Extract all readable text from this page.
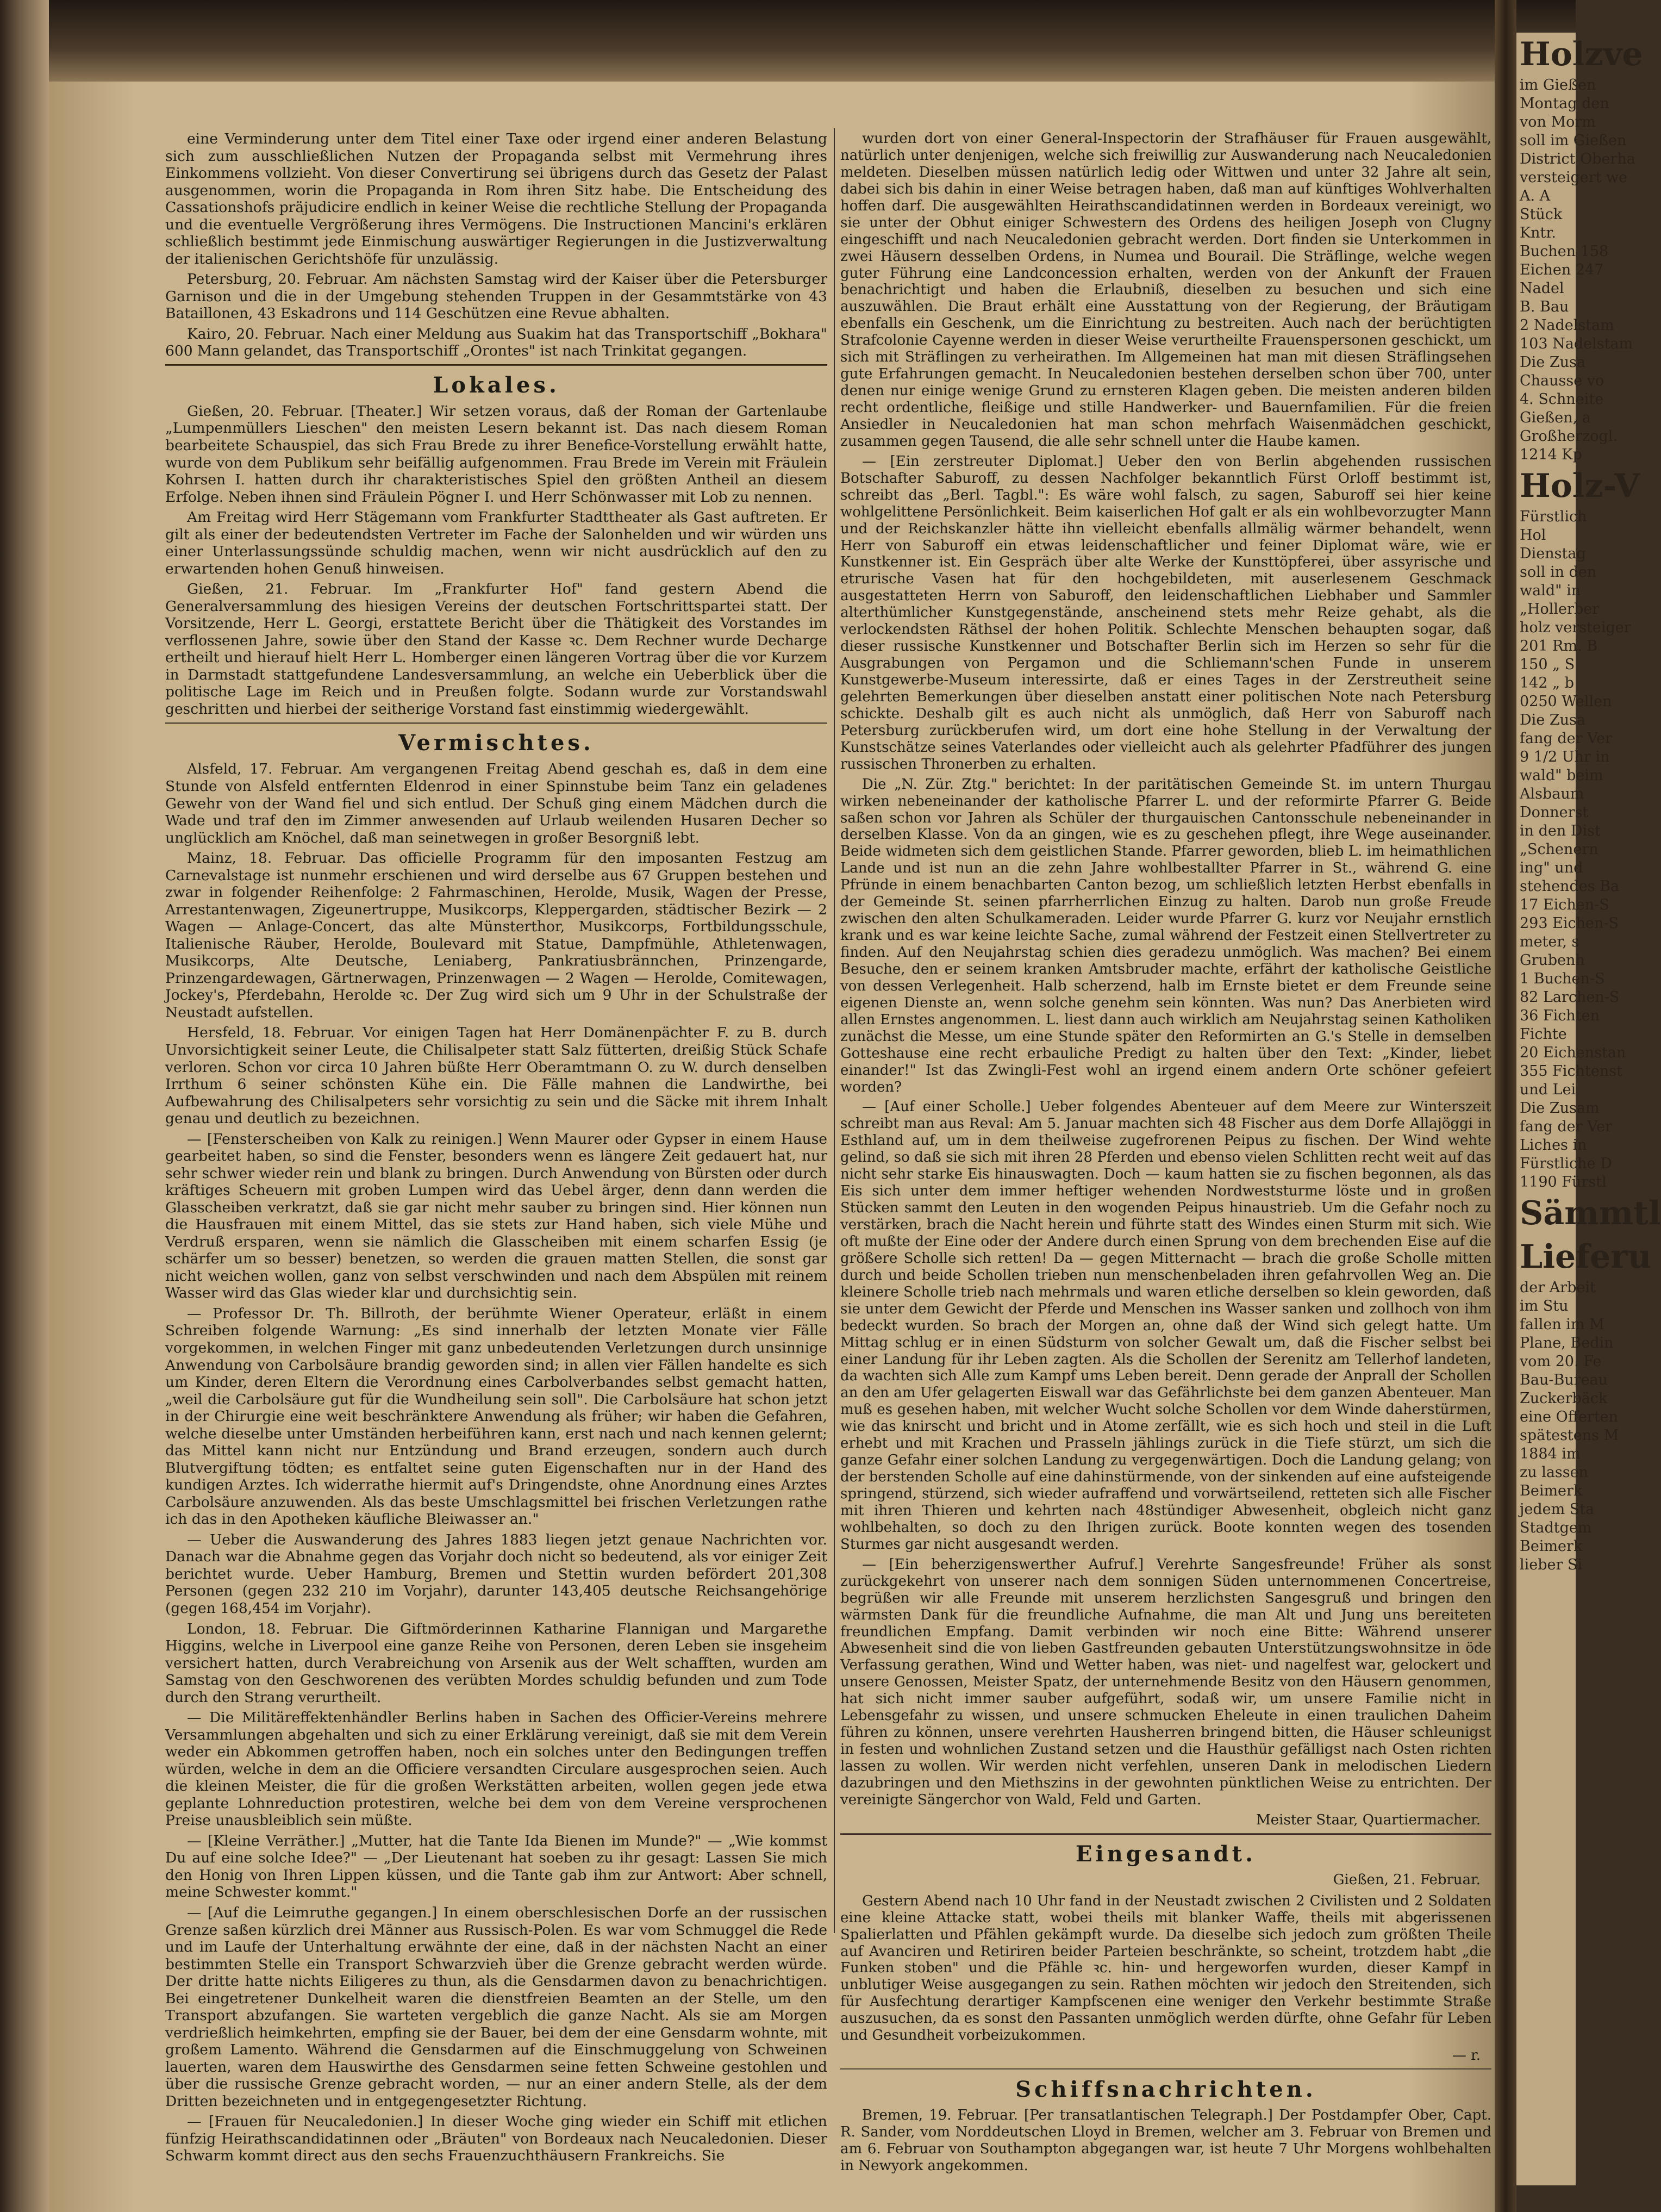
Holzve
im Gießen
Montag den
von Morm
soll im Gießen
District Oberha
versteigert we
A. A
Stück
Kntr.
Buchen 158
Eichen 247
Nadel
B. Bau
2 Nadelstam
103 Nadelstam
Die Zusa
Chausse vo
4. Schneite
Gießen, a
Großherzogl.
1214 Kp
Holz-V
Fürstlich
Hol
Dienstag
soll in den
wald" in
„Hollerber
holz versteiger
201 Rm. B
150 „ S
142 „ b
0250 Wellen
Die Zusa
fang der Ver
9 1/2 Uhr in
wald" beim
Alsbaum
Donnerst
in den Dist
„Schenern
ing" und
stehendes Ba
17 Eichen-S
293 Eichen-S
meter, s
Grubenh
1 Buchen-S
82 Larchen-S
36 Fichten
Fichte
20 Eichenstan
355 Fichtenst
und Lei
Die Zusam
fang der Ver
Liches in
Fürstliche D
1190 Fürstl
Sämmtl
Lieferu
der Arbeit
im Stu
fallen im M
Plane, Bedin
vom 20. Fe
Bau-Bureau
Zuckerbäck
eine Offerten
spätestens M
1884 im
zu lassen
Beimerk
jedem Sta
Stadtgem
Beimerk
lieber Si

eine Verminderung unter dem Titel einer Taxe oder irgend einer anderen Belastung sich zum ausschließlichen Nutzen der Propaganda selbst mit Vermehrung ihres Einkommens vollzieht. Von dieser Convertirung sei übrigens durch das Gesetz der Palast ausgenommen, worin die Propaganda in Rom ihren Sitz habe. Die Entscheidung des Cassationshofs präjudicire endlich in keiner Weise die rechtliche Stellung der Propaganda und die eventuelle Vergrößerung ihres Vermögens. Die Instructionen Mancini's erklären schließlich bestimmt jede Einmischung auswärtiger Regierungen in die Justizverwaltung der italienischen Gerichtshöfe für unzulässig.

Petersburg, 20. Februar. Am nächsten Samstag wird der Kaiser über die Petersburger Garnison und die in der Umgebung stehenden Truppen in der Gesammtstärke von 43 Bataillonen, 43 Eskadrons und 114 Geschützen eine Revue abhalten.

Kairo, 20. Februar. Nach einer Meldung aus Suakim hat das Transportschiff „Bokhara" 600 Mann gelandet, das Transportschiff „Orontes" ist nach Trinkitat gegangen.

Lokales.

Gießen, 20. Februar. [Theater.] Wir setzen voraus, daß der Roman der Gartenlaube „Lumpenmüllers Lieschen" den meisten Lesern bekannt ist. Das nach diesem Roman bearbeitete Schauspiel, das sich Frau Brede zu ihrer Benefice-Vorstellung erwählt hatte, wurde von dem Publikum sehr beifällig aufgenommen. Frau Brede im Verein mit Fräulein Kohrsen I. hatten durch ihr charakteristisches Spiel den größten Antheil an diesem Erfolge. Neben ihnen sind Fräulein Pögner I. und Herr Schönwasser mit Lob zu nennen.

Am Freitag wird Herr Stägemann vom Frankfurter Stadttheater als Gast auftreten. Er gilt als einer der bedeutendsten Vertreter im Fache der Salonhelden und wir würden uns einer Unterlassungssünde schuldig machen, wenn wir nicht ausdrücklich auf den zu erwartenden hohen Genuß hinweisen.

Gießen, 21. Februar. Im „Frankfurter Hof" fand gestern Abend die Generalversammlung des hiesigen Vereins der deutschen Fortschrittspartei statt. Der Vorsitzende, Herr L. Georgi, erstattete Bericht über die Thätigkeit des Vorstandes im verflossenen Jahre, sowie über den Stand der Kasse ꝛc. Dem Rechner wurde Decharge ertheilt und hierauf hielt Herr L. Homberger einen längeren Vortrag über die vor Kurzem in Darmstadt stattgefundene Landesversammlung, an welche ein Ueberblick über die politische Lage im Reich und in Preußen folgte. Sodann wurde zur Vorstandswahl geschritten und hierbei der seitherige Vorstand fast einstimmig wiedergewählt.

Vermischtes.

Alsfeld, 17. Februar. Am vergangenen Freitag Abend geschah es, daß in dem eine Stunde von Alsfeld entfernten Eldenrod in einer Spinnstube beim Tanz ein geladenes Gewehr von der Wand fiel und sich entlud. Der Schuß ging einem Mädchen durch die Wade und traf den im Zimmer anwesenden auf Urlaub weilenden Husaren Decher so unglücklich am Knöchel, daß man seinetwegen in großer Besorgniß lebt.

Mainz, 18. Februar. Das officielle Programm für den imposanten Festzug am Carnevalstage ist nunmehr erschienen und wird derselbe aus 67 Gruppen bestehen und zwar in folgender Reihenfolge: 2 Fahrmaschinen, Herolde, Musik, Wagen der Presse, Arrestantenwagen, Zigeunertruppe, Musikcorps, Kleppergarden, städtischer Bezirk — 2 Wagen — Anlage-Concert, das alte Münsterthor, Musikcorps, Fortbildungsschule, Italienische Räuber, Herolde, Boulevard mit Statue, Dampfmühle, Athletenwagen, Musikcorps, Alte Deutsche, Leniaberg, Pankratiusbrännchen, Prinzengarde, Prinzengardewagen, Gärtnerwagen, Prinzenwagen — 2 Wagen — Herolde, Comitewagen, Jockey's, Pferdebahn, Herolde ꝛc. Der Zug wird sich um 9 Uhr in der Schulstraße der Neustadt aufstellen.

Hersfeld, 18. Februar. Vor einigen Tagen hat Herr Domänenpächter F. zu B. durch Unvorsichtigkeit seiner Leute, die Chilisalpeter statt Salz fütterten, dreißig Stück Schafe verloren. Schon vor circa 10 Jahren büßte Herr Oberamtmann O. zu W. durch denselben Irrthum 6 seiner schönsten Kühe ein. Die Fälle mahnen die Landwirthe, bei Aufbewahrung des Chilisalpeters sehr vorsichtig zu sein und die Säcke mit ihrem Inhalt genau und deutlich zu bezeichnen.

— [Fensterscheiben von Kalk zu reinigen.] Wenn Maurer oder Gypser in einem Hause gearbeitet haben, so sind die Fenster, besonders wenn es längere Zeit gedauert hat, nur sehr schwer wieder rein und blank zu bringen. Durch Anwendung von Bürsten oder durch kräftiges Scheuern mit groben Lumpen wird das Uebel ärger, denn dann werden die Glasscheiben verkratzt, daß sie gar nicht mehr sauber zu bringen sind. Hier können nun die Hausfrauen mit einem Mittel, das sie stets zur Hand haben, sich viele Mühe und Verdruß ersparen, wenn sie nämlich die Glasscheiben mit einem scharfen Essig (je schärfer um so besser) benetzen, so werden die grauen matten Stellen, die sonst gar nicht weichen wollen, ganz von selbst verschwinden und nach dem Abspülen mit reinem Wasser wird das Glas wieder klar und durchsichtig sein.

— Professor Dr. Th. Billroth, der berühmte Wiener Operateur, erläßt in einem Schreiben folgende Warnung: „Es sind innerhalb der letzten Monate vier Fälle vorgekommen, in welchen Finger mit ganz unbedeutenden Verletzungen durch unsinnige Anwendung von Carbolsäure brandig geworden sind; in allen vier Fällen handelte es sich um Kinder, deren Eltern die Verordnung eines Carbolverbandes selbst gemacht hatten, „weil die Carbolsäure gut für die Wundheilung sein soll". Die Carbolsäure hat schon jetzt in der Chirurgie eine weit beschränktere Anwendung als früher; wir haben die Gefahren, welche dieselbe unter Umständen herbeiführen kann, erst nach und nach kennen gelernt; das Mittel kann nicht nur Entzündung und Brand erzeugen, sondern auch durch Blutvergiftung tödten; es entfaltet seine guten Eigenschaften nur in der Hand des kundigen Arztes. Ich widerrathe hiermit auf's Dringendste, ohne Anordnung eines Arztes Carbolsäure anzuwenden. Als das beste Umschlagsmittel bei frischen Verletzungen rathe ich das in den Apotheken käufliche Bleiwasser an."

— Ueber die Auswanderung des Jahres 1883 liegen jetzt genaue Nachrichten vor. Danach war die Abnahme gegen das Vorjahr doch nicht so bedeutend, als vor einiger Zeit berichtet wurde. Ueber Hamburg, Bremen und Stettin wurden befördert 201,308 Personen (gegen 232 210 im Vorjahr), darunter 143,405 deutsche Reichsangehörige (gegen 168,454 im Vorjahr).

London, 18. Februar. Die Giftmörderinnen Katharine Flannigan und Margarethe Higgins, welche in Liverpool eine ganze Reihe von Personen, deren Leben sie insgeheim versichert hatten, durch Verabreichung von Arsenik aus der Welt schafften, wurden am Samstag von den Geschworenen des verübten Mordes schuldig befunden und zum Tode durch den Strang verurtheilt.

— Die Militäreffektenhändler Berlins haben in Sachen des Officier-Vereins mehrere Versammlungen abgehalten und sich zu einer Erklärung vereinigt, daß sie mit dem Verein weder ein Abkommen getroffen haben, noch ein solches unter den Bedingungen treffen würden, welche in dem an die Officiere versandten Circulare ausgesprochen seien. Auch die kleinen Meister, die für die großen Werkstätten arbeiten, wollen gegen jede etwa geplante Lohnreduction protestiren, welche bei dem von dem Vereine versprochenen Preise unausbleiblich sein müßte.

— [Kleine Verräther.] „Mutter, hat die Tante Ida Bienen im Munde?" — „Wie kommst Du auf eine solche Idee?" — „Der Lieutenant hat soeben zu ihr gesagt: Lassen Sie mich den Honig von Ihren Lippen küssen, und die Tante gab ihm zur Antwort: Aber schnell, meine Schwester kommt."

— [Auf die Leimruthe gegangen.] In einem oberschlesischen Dorfe an der russischen Grenze saßen kürzlich drei Männer aus Russisch-Polen. Es war vom Schmuggel die Rede und im Laufe der Unterhaltung erwähnte der eine, daß in der nächsten Nacht an einer bestimmten Stelle ein Transport Schwarzvieh über die Grenze gebracht werden würde. Der dritte hatte nichts Eiligeres zu thun, als die Gensdarmen davon zu benachrichtigen. Bei eingetretener Dunkelheit waren die dienstfreien Beamten an der Stelle, um den Transport abzufangen. Sie warteten vergeblich die ganze Nacht. Als sie am Morgen verdrießlich heimkehrten, empfing sie der Bauer, bei dem der eine Gensdarm wohnte, mit großem Lamento. Während die Gensdarmen auf die Einschmuggelung von Schweinen lauerten, waren dem Hauswirthe des Gensdarmen seine fetten Schweine gestohlen und über die russische Grenze gebracht worden, — nur an einer andern Stelle, als der dem Dritten bezeichneten und in entgegengesetzter Richtung.

— [Frauen für Neucaledonien.] In dieser Woche ging wieder ein Schiff mit etlichen fünfzig Heirathscandidatinnen oder „Bräuten" von Bordeaux nach Neucaledonien. Dieser Schwarm kommt direct aus den sechs Frauenzuchthäusern Frankreichs. Sie

wurden dort von einer General-Inspectorin der Strafhäuser für Frauen ausgewählt, natürlich unter denjenigen, welche sich freiwillig zur Auswanderung nach Neucaledonien meldeten. Dieselben müssen natürlich ledig oder Wittwen und unter 32 Jahre alt sein, dabei sich bis dahin in einer Weise betragen haben, daß man auf künftiges Wohlverhalten hoffen darf. Die ausgewählten Heirathscandidatinnen werden in Bordeaux vereinigt, wo sie unter der Obhut einiger Schwestern des Ordens des heiligen Joseph von Clugny eingeschifft und nach Neucaledonien gebracht werden. Dort finden sie Unterkommen in zwei Häusern desselben Ordens, in Numea und Bourail. Die Sträflinge, welche wegen guter Führung eine Landconcession erhalten, werden von der Ankunft der Frauen benachrichtigt und haben die Erlaubniß, dieselben zu besuchen und sich eine auszuwählen. Die Braut erhält eine Ausstattung von der Regierung, der Bräutigam ebenfalls ein Geschenk, um die Einrichtung zu bestreiten. Auch nach der berüchtigten Strafcolonie Cayenne werden in dieser Weise verurtheilte Frauenspersonen geschickt, um sich mit Sträflingen zu verheirathen. Im Allgemeinen hat man mit diesen Sträflingsehen gute Erfahrungen gemacht. In Neucaledonien bestehen derselben schon über 700, unter denen nur einige wenige Grund zu ernsteren Klagen geben. Die meisten anderen bilden recht ordentliche, fleißige und stille Handwerker- und Bauernfamilien. Für die freien Ansiedler in Neucaledonien hat man schon mehrfach Waisenmädchen geschickt, zusammen gegen Tausend, die alle sehr schnell unter die Haube kamen.

— [Ein zerstreuter Diplomat.] Ueber den von Berlin abgehenden russischen Botschafter Saburoff, zu dessen Nachfolger bekanntlich Fürst Orloff bestimmt ist, schreibt das „Berl. Tagbl.": Es wäre wohl falsch, zu sagen, Saburoff sei hier keine wohlgelittene Persönlichkeit. Beim kaiserlichen Hof galt er als ein wohlbevorzugter Mann und der Reichskanzler hätte ihn vielleicht ebenfalls allmälig wärmer behandelt, wenn Herr von Saburoff ein etwas leidenschaftlicher und feiner Diplomat wäre, wie er Kunstkenner ist. Ein Gespräch über alte Werke der Kunsttöpferei, über assyrische und etrurische Vasen hat für den hochgebildeten, mit auserlesenem Geschmack ausgestatteten Herrn von Saburoff, den leidenschaftlichen Liebhaber und Sammler alterthümlicher Kunstgegenstände, anscheinend stets mehr Reize gehabt, als die verlockendsten Räthsel der hohen Politik. Schlechte Menschen behaupten sogar, daß dieser russische Kunstkenner und Botschafter Berlin sich im Herzen so sehr für die Ausgrabungen von Pergamon und die Schliemann'schen Funde in unserem Kunstgewerbe-Museum interessirte, daß er eines Tages in der Zerstreutheit seine gelehrten Bemerkungen über dieselben anstatt einer politischen Note nach Petersburg schickte. Deshalb gilt es auch nicht als unmöglich, daß Herr von Saburoff nach Petersburg zurückberufen wird, um dort eine hohe Stellung in der Verwaltung der Kunstschätze seines Vaterlandes oder vielleicht auch als gelehrter Pfadführer des jungen russischen Thronerben zu erhalten.

Die „N. Zür. Ztg." berichtet: In der paritätischen Gemeinde St. im untern Thurgau wirken nebeneinander der katholische Pfarrer L. und der reformirte Pfarrer G. Beide saßen schon vor Jahren als Schüler der thurgauischen Cantonsschule nebeneinander in derselben Klasse. Von da an gingen, wie es zu geschehen pflegt, ihre Wege auseinander. Beide widmeten sich dem geistlichen Stande. Pfarrer geworden, blieb L. im heimathlichen Lande und ist nun an die zehn Jahre wohlbestallter Pfarrer in St., während G. eine Pfründe in einem benachbarten Canton bezog, um schließlich letzten Herbst ebenfalls in der Gemeinde St. seinen pfarrherrlichen Einzug zu halten. Darob nun große Freude zwischen den alten Schulkameraden. Leider wurde Pfarrer G. kurz vor Neujahr ernstlich krank und es war keine leichte Sache, zumal während der Festzeit einen Stellvertreter zu finden. Auf den Neujahrstag schien dies geradezu unmöglich. Was machen? Bei einem Besuche, den er seinem kranken Amtsbruder machte, erfährt der katholische Geistliche von dessen Verlegenheit. Halb scherzend, halb im Ernste bietet er dem Freunde seine eigenen Dienste an, wenn solche genehm sein könnten. Was nun? Das Anerbieten wird allen Ernstes angenommen. L. liest dann auch wirklich am Neujahrstag seinen Katholiken zunächst die Messe, um eine Stunde später den Reformirten an G.'s Stelle in demselben Gotteshause eine recht erbauliche Predigt zu halten über den Text: „Kinder, liebet einander!" Ist das Zwingli-Fest wohl an irgend einem andern Orte schöner gefeiert worden?

— [Auf einer Scholle.] Ueber folgendes Abenteuer auf dem Meere zur Winterszeit schreibt man aus Reval: Am 5. Januar machten sich 48 Fischer aus dem Dorfe Allajöggi in Esthland auf, um in dem theilweise zugefrorenen Peipus zu fischen. Der Wind wehte gelind, so daß sie sich mit ihren 28 Pferden und ebenso vielen Schlitten recht weit auf das nicht sehr starke Eis hinauswagten. Doch — kaum hatten sie zu fischen begonnen, als das Eis sich unter dem immer heftiger wehenden Nordweststurme löste und in großen Stücken sammt den Leuten in den wogenden Peipus hinaustrieb. Um die Gefahr noch zu verstärken, brach die Nacht herein und führte statt des Windes einen Sturm mit sich. Wie oft mußte der Eine oder der Andere durch einen Sprung von dem brechenden Eise auf die größere Scholle sich retten! Da — gegen Mitternacht — brach die große Scholle mitten durch und beide Schollen trieben nun menschenbeladen ihren gefahrvollen Weg an. Die kleinere Scholle trieb nach mehrmals und waren etliche derselben so klein geworden, daß sie unter dem Gewicht der Pferde und Menschen ins Wasser sanken und zollhoch von ihm bedeckt wurden. So brach der Morgen an, ohne daß der Wind sich gelegt hatte. Um Mittag schlug er in einen Südsturm von solcher Gewalt um, daß die Fischer selbst bei einer Landung für ihr Leben zagten. Als die Schollen der Serenitz am Tellerhof landeten, da wachten sich Alle zum Kampf ums Leben bereit. Denn gerade der Anprall der Schollen an den am Ufer gelagerten Eiswall war das Gefährlichste bei dem ganzen Abenteuer. Man muß es gesehen haben, mit welcher Wucht solche Schollen vor dem Winde daherstürmen, wie das knirscht und bricht und in Atome zerfällt, wie es sich hoch und steil in die Luft erhebt und mit Krachen und Prasseln jählings zurück in die Tiefe stürzt, um sich die ganze Gefahr einer solchen Landung zu vergegenwärtigen. Doch die Landung gelang; von der berstenden Scholle auf eine dahinstürmende, von der sinkenden auf eine aufsteigende springend, stürzend, sich wieder aufraffend und vorwärtseilend, retteten sich alle Fischer mit ihren Thieren und kehrten nach 48stündiger Abwesenheit, obgleich nicht ganz wohlbehalten, so doch zu den Ihrigen zurück. Boote konnten wegen des tosenden Sturmes gar nicht ausgesandt werden.

— [Ein beherzigenswerther Aufruf.] Verehrte Sangesfreunde! Früher als sonst zurückgekehrt von unserer nach dem sonnigen Süden unternommenen Concertreise, begrüßen wir alle Freunde mit unserem herzlichsten Sangesgruß und bringen den wärmsten Dank für die freundliche Aufnahme, die man Alt und Jung uns bereiteten freundlichen Empfang. Damit verbinden wir noch eine Bitte: Während unserer Abwesenheit sind die von lieben Gastfreunden gebauten Unterstützungswohnsitze in öde Verfassung gerathen, Wind und Wetter haben, was niet- und nagelfest war, gelockert und unsere Genossen, Meister Spatz, der unternehmende Besitz von den Häusern genommen, hat sich nicht immer sauber aufgeführt, sodaß wir, um unsere Familie nicht in Lebensgefahr zu wissen, und unsere schmucken Eheleute in einen traulichen Daheim führen zu können, unsere verehrten Hausherren bringend bitten, die Häuser schleunigst in festen und wohnlichen Zustand setzen und die Hausthür gefälligst nach Osten richten lassen zu wollen. Wir werden nicht verfehlen, unseren Dank in melodischen Liedern dazubringen und den Miethszins in der gewohnten pünktlichen Weise zu entrichten. Der vereinigte Sängerchor von Wald, Feld und Garten.

Meister Staar, Quartiermacher.
Eingesandt.
Gießen, 21. Februar.

Gestern Abend nach 10 Uhr fand in der Neustadt zwischen 2 Civilisten und 2 Soldaten eine kleine Attacke statt, wobei theils mit blanker Waffe, theils mit abgerissenen Spalierlatten und Pfählen gekämpft wurde. Da dieselbe sich jedoch zum größten Theile auf Avanciren und Retiriren beider Parteien beschränkte, so scheint, trotzdem habt „die Funken stoben" und die Pfähle ꝛc. hin- und hergeworfen wurden, dieser Kampf in unblutiger Weise ausgegangen zu sein. Rathen möchten wir jedoch den Streitenden, sich für Ausfechtung derartiger Kampfscenen eine weniger den Verkehr bestimmte Straße auszusuchen, da es sonst den Passanten unmöglich werden dürfte, ohne Gefahr für Leben und Gesundheit vorbeizukommen.

— r.
Schiffsnachrichten.

Bremen, 19. Februar. [Per transatlantischen Telegraph.] Der Postdampfer Ober, Capt. R. Sander, vom Norddeutschen Lloyd in Bremen, welcher am 3. Februar von Bremen und am 6. Februar von Southampton abgegangen war, ist heute 7 Uhr Morgens wohlbehalten in Newyork angekommen.
